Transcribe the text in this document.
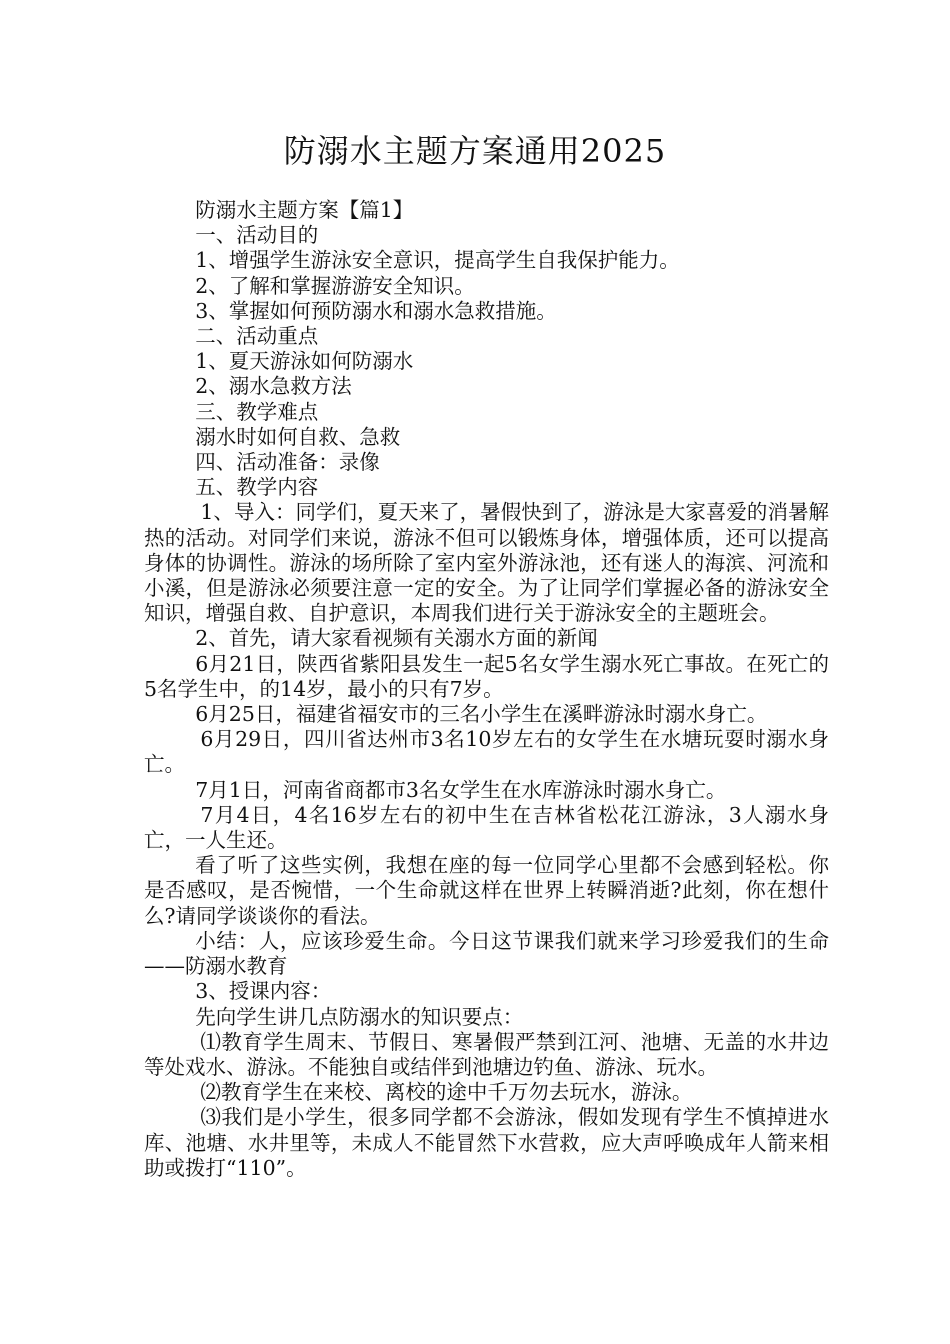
防溺水主题方案通用2025

防溺水主题方案【篇1】

一、活动目的

1、增强学生游泳安全意识，提高学生自我保护能力。

2、了解和掌握游游安全知识。

3、掌握如何预防溺水和溺水急救措施。

二、活动重点

1、夏天游泳如何防溺水

2、溺水急救方法

三、教学难点

溺水时如何自救、急救

四、活动准备：录像

五、教学内容

1、导入：同学们，夏天来了，暑假快到了，游泳是大家喜爱的消暑解热的活动。对同学们来说，游泳不但可以锻炼身体，增强体质，还可以提高身体的协调性。游泳的场所除了室内室外游泳池，还有迷人的海滨、河流和小溪，但是游泳必须要注意一定的安全。为了让同学们掌握必备的游泳安全知识，增强自救、自护意识，本周我们进行关于游泳安全的主题班会。

2、首先，请大家看视频有关溺水方面的新闻

6月21日，陕西省紫阳县发生一起5名女学生溺水死亡事故。在死亡的5名学生中，的14岁，最小的只有7岁。

6月25日，福建省福安市的三名小学生在溪畔游泳时溺水身亡。

6月29日，四川省达州市3名10岁左右的女学生在水塘玩耍时溺水身亡。

7月1日，河南省商都市3名女学生在水库游泳时溺水身亡。

7月4日，4名16岁左右的初中生在吉林省松花江游泳，3人溺水身亡，一人生还。

看了听了这些实例，我想在座的每一位同学心里都不会感到轻松。你是否感叹，是否惋惜，一个生命就这样在世界上转瞬消逝?此刻，你在想什么?请同学谈谈你的看法。

小结：人，应该珍爱生命。今日这节课我们就来学习珍爱我们的生命——防溺水教育

3、授课内容：

先向学生讲几点防溺水的知识要点：

⑴教育学生周末、节假日、寒暑假严禁到江河、池塘、无盖的水井边等处戏水、游泳。不能独自或结伴到池塘边钓鱼、游泳、玩水。

⑵教育学生在来校、离校的途中千万勿去玩水，游泳。

⑶我们是小学生，很多同学都不会游泳，假如发现有学生不慎掉进水库、池塘、水井里等，未成人不能冒然下水营救，应大声呼唤成年人箭来相助或拨打“110”。
